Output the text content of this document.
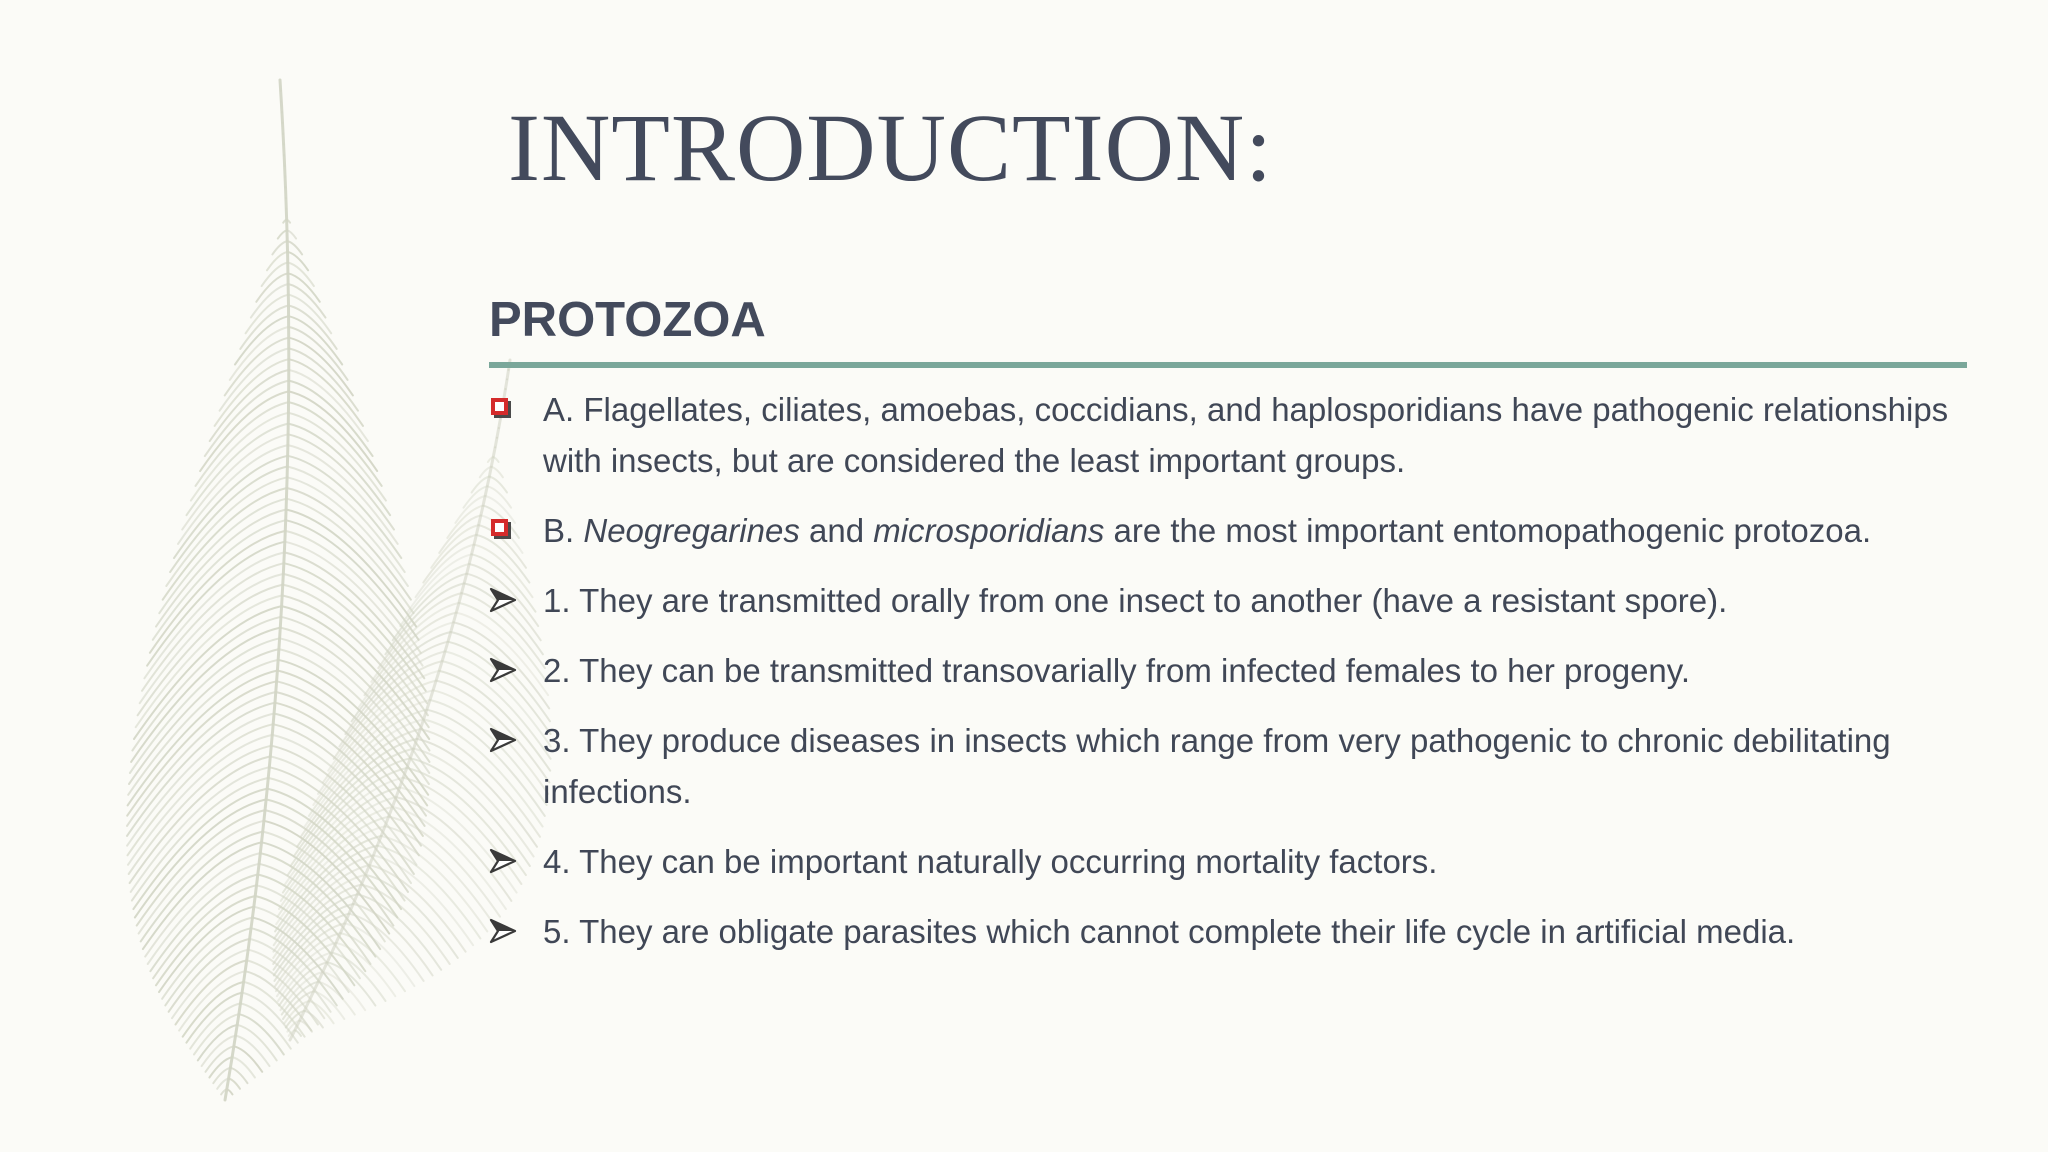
INTRODUCTION:
PROTOZOA
A. Flagellates, ciliates, amoebas, coccidians, and haplosporidians have pathogenic relationships with insects, but are considered the least important groups.
B. Neogregarines and microsporidians are the most important entomopathogenic protozoa.
1. They are transmitted orally from one insect to another (have a resistant spore).
2. They can be transmitted transovarially from infected females to her progeny.
3. They produce diseases in insects which range from very pathogenic to chronic debilitating infections.
4. They can be important naturally occurring mortality factors.
5. They are obligate parasites which cannot complete their life cycle in artificial media.
